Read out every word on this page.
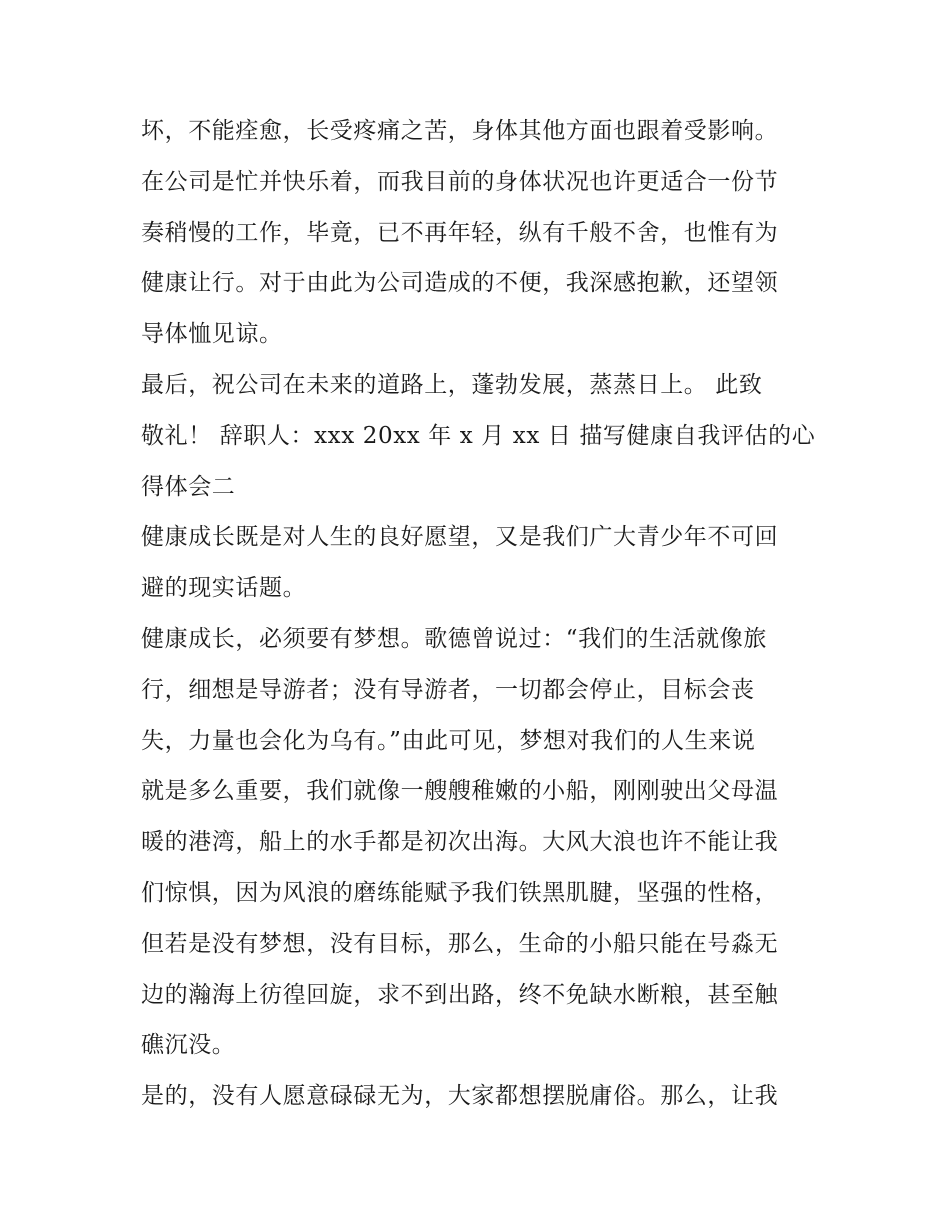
坏，不能痊愈，长受疼痛之苦，身体其他方面也跟着受影响。
在公司是忙并快乐着，而我目前的身体状况也许更适合一份节
奏稍慢的工作，毕竟，已不再年轻，纵有千般不舍，也惟有为
健康让行。对于由此为公司造成的不便，我深感抱歉，还望领
导体恤见谅。
最后，祝公司在未来的道路上，蓬勃发展，蒸蒸日上。 此致
敬礼！ 辞职人：xxx 20xx 年 x 月 xx 日 描写健康自我评估的心
得体会二
健康成长既是对人生的良好愿望，又是我们广大青少年不可回
避的现实话题。
健康成长，必须要有梦想。歌德曾说过：“我们的生活就像旅
行，细想是导游者；没有导游者，一切都会停止，目标会丧
失，力量也会化为乌有。”由此可见，梦想对我们的人生来说
就是多么重要，我们就像一艘艘稚嫩的小船，刚刚驶出父母温
暖的港湾，船上的水手都是初次出海。大风大浪也许不能让我
们惊惧，因为风浪的磨练能赋予我们铁黑肌腱，坚强的性格，
但若是没有梦想，没有目标，那么，生命的小船只能在号淼无
边的瀚海上彷徨回旋，求不到出路，终不免缺水断粮，甚至触
礁沉没。
是的，没有人愿意碌碌无为，大家都想摆脱庸俗。那么，让我
